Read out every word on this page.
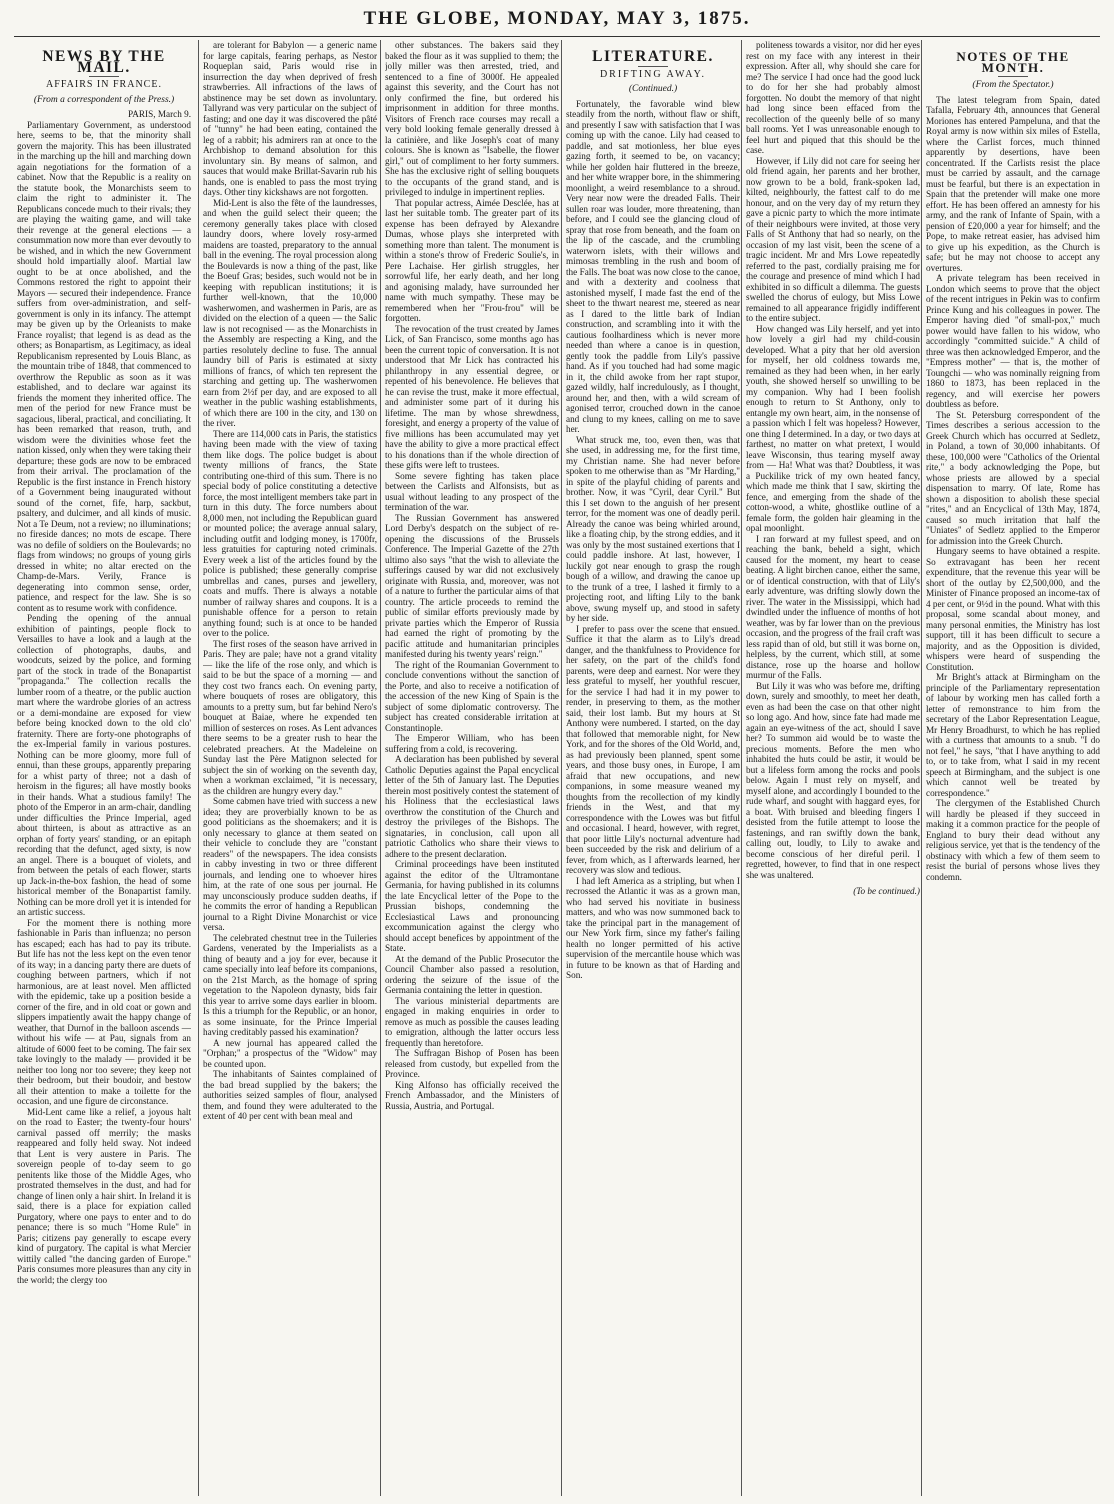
THE GLOBE, MONDAY, MAY 3, 1875.
NEWS BY THE MAIL.
AFFAIRS IN FRANCE.
(From a correspondent of the Press.)

PARIS, March 9.

Parliamentary Government, as understood here, seems to be, that the minority shall govern the majority. This has been illustrated in the marching up the hill and marching down again negotiations for the formation of a cabinet. Now that the Republic is a reality on the statute book, the Monarchists seem to claim the right to administer it. The Republicans concede much to their rivals; they are playing the waiting game, and will take their revenge at the general elections — a consummation now more than ever devoutly to be wished, and in which the new Government should hold impartially aloof. Martial law ought to be at once abolished, and the Commons restored the right to appoint their Mayors — secured their independence. France suffers from over-administration, and self-government is only in its infancy. The attempt may be given up by the Orleanists to make France royalist; that legend is as dead as the others; as Bonapartism, as Legitimacy, as ideal Republicanism represented by Louis Blanc, as the mountain tribe of 1848, that commenced to overthrow the Republic as soon as it was established, and to declare war against its friends the moment they inherited office. The men of the period for new France must be sagacious, liberal, practical, and conciliating. It has been remarked that reason, truth, and wisdom were the divinities whose feet the nation kissed, only when they were taking their departure; these gods are now to be embraced from their arrival. The proclamation of the Republic is the first instance in French history of a Government being inaugurated without sound of the cornet, fife, harp, sackbut, psaltery, and dulcimer, and all kinds of music. Not a Te Deum, not a review; no illuminations; no fireside dances; no mots de escape. There was no defile of soldiers on the Boulevards; no flags from windows; no groups of young girls dressed in white; no altar erected on the Champ-de-Mars. Verily, France is degenerating into common sense, order, patience, and respect for the law. She is so content as to resume work with confidence.

Pending the opening of the annual exhibition of paintings, people flock to Versailles to have a look and a laugh at the collection of photographs, daubs, and woodcuts, seized by the police, and forming part of the stock in trade of the Bonapartist "propaganda." The collection recalls the lumber room of a theatre, or the public auction mart where the wardrobe glories of an actress or a demi-mondaine are exposed for view before being knocked down to the old clo' fraternity. There are forty-one photographs of the ex-Imperial family in various postures. Nothing can be more gloomy, more full of ennui, than these groups, apparently preparing for a whist party of three; not a dash of heroism in the figures; all have mostly books in their hands. What a studious family! The photo of the Emperor in an arm-chair, dandling under difficulties the Prince Imperial, aged about thirteen, is about as attractive as an orphan of forty years' standing, or an epitaph recording that the defunct, aged sixty, is now an angel. There is a bouquet of violets, and from between the petals of each flower, starts up Jack-in-the-box fashion, the head of some historical member of the Bonapartist family. Nothing can be more droll yet it is intended for an artistic success.

For the moment there is nothing more fashionable in Paris than influenza; no person has escaped; each has had to pay its tribute. But life has not the less kept on the even tenor of its way; in a dancing party there are duets of coughing between partners, which if not harmonious, are at least novel. Men afflicted with the epidemic, take up a position beside a corner of the fire, and in old coat or gown and slippers impatiently await the happy change of weather, that Durnof in the balloon ascends — without his wife — at Pau, signals from an altitude of 6000 feet to be coming. The fair sex take lovingly to the malady — provided it be neither too long nor too severe; they keep not their bedroom, but their boudoir, and bestow all their attention to make a toilette for the occasion, and une figure de circonstance.

Mid-Lent came like a relief, a joyous halt on the road to Easter; the twenty-four hours' carnival passed off merrily; the masks reappeared and folly held sway. Not indeed that Lent is very austere in Paris. The sovereign people of to-day seem to go penitents like those of the Middle Ages, who prostrated themselves in the dust, and had for change of linen only a hair shirt. In Ireland it is said, there is a place for expiation called Purgatory, where one pays to enter and to do penance; there is so much "Home Rule" in Paris; citizens pay generally to escape every kind of purgatory. The capital is what Mercier wittily called "the dancing garden of Europe." Paris consumes more pleasures than any city in the world; the clergy too

are tolerant for Babylon — a generic name for large capitals, fearing perhaps, as Nestor Roqueplan said, Paris would rise in insurrection the day when deprived of fresh strawberries. All infractions of the laws of abstinence may be set down as involuntary. Tallyrand was very particular on the subject of fasting; and one day it was discovered the pâté of "tunny" he had been eating, contained the leg of a rabbit; his admirers ran at once to the Archbishop to demand absolution for this involuntary sin. By means of salmon, and sauces that would make Brillat-Savarin rub his hands, one is enabled to pass the most trying days. Other tiny kickshaws are not forgotten.

Mid-Lent is also the fête of the laundresses, and when the guild select their queen; the ceremony generally takes place with closed laundry doors, where lovely rosy-armed maidens are toasted, preparatory to the annual ball in the evening. The royal procession along the Boulevards is now a thing of the past, like the Boeuf Gras; besides, such would not be in keeping with republican institutions; it is further well-known, that the 10,000 washerwomen, and washermen in Paris, are as divided on the election of a queen — the Salic law is not recognised — as the Monarchists in the Assembly are respecting a King, and the parties resolutely decline to fuse. The annual laundry bill of Paris is estimated at sixty millions of francs, of which ten represent the starching and getting up. The washerwomen earn from 2½f per day, and are exposed to all weather in the public washing establishments, of which there are 100 in the city, and 130 on the river.

There are 114,000 cats in Paris, the statistics having been made with the view of taxing them like dogs. The police budget is about twenty millions of francs, the State contributing one-third of this sum. There is no special body of police constituting a detective force, the most intelligent members take part in turn in this duty. The force numbers about 8,000 men, not including the Republican guard or mounted police; the average annual salary, including outfit and lodging money, is 1700fr, less gratuities for capturing noted criminals. Every week a list of the articles found by the police is published; these generally comprise umbrellas and canes, purses and jewellery, coats and muffs. There is always a notable number of railway shares and coupons. It is a punishable offence for a person to retain anything found; such is at once to be handed over to the police.

The first roses of the season have arrived in Paris. They are pale; have not a grand vitality — like the life of the rose only, and which is said to be but the space of a morning — and they cost two francs each. On evening party, where bouquets of roses are obligatory, this amounts to a pretty sum, but far behind Nero's bouquet at Baiae, where he expended ten million of sesterces on roses. As Lent advances there seems to be a greater rush to hear the celebrated preachers. At the Madeleine on Sunday last the Père Matignon selected for subject the sin of working on the seventh day, when a workman exclaimed, "it is necessary, as the children are hungry every day."

Some cabmen have tried with success a new idea; they are proverbially known to be as good politicians as the shoemakers; and it is only necessary to glance at them seated on their vehicle to conclude they are "constant readers" of the newspapers. The idea consists in cabby investing in two or three different journals, and lending one to whoever hires him, at the rate of one sous per journal. He may unconsciously produce sudden deaths, if he commits the error of handing a Republican journal to a Right Divine Monarchist or vice versa.

The celebrated chestnut tree in the Tuileries Gardens, venerated by the Imperialists as a thing of beauty and a joy for ever, because it came specially into leaf before its companions, on the 21st March, as the homage of spring vegetation to the Napoleon dynasty, bids fair this year to arrive some days earlier in bloom. Is this a triumph for the Republic, or an honor, as some insinuate, for the Prince Imperial having creditably passed his examination?

A new journal has appeared called the "Orphan;" a prospectus of the "Widow" may be counted upon.

The inhabitants of Saintes complained of the bad bread supplied by the bakers; the authorities seized samples of flour, analysed them, and found they were adulterated to the extent of 40 per cent with bean meal and

other substances. The bakers said they baked the flour as it was supplied to them; the jolly miller was then arrested, tried, and sentenced to a fine of 3000f. He appealed against this severity, and the Court has not only confirmed the fine, but ordered his imprisonment in addition for three months. Visitors of French race courses may recall a very bold looking female generally dressed à la catinière, and like Joseph's coat of many colours. She is known as "Isabelle, the flower girl," out of compliment to her forty summers. She has the exclusive right of selling bouquets to the occupants of the grand stand, and is privileged to indulge in impertinent replies.

That popular actress, Aimée Desclée, has at last her suitable tomb. The greater part of its expense has been defrayed by Alexandre Dumas, whose plays she interpreted with something more than talent. The monument is within a stone's throw of Frederic Soulie's, in Pere Lachaise. Her girlish struggles, her sorrowful life, her early death, and her long and agonising malady, have surrounded her name with much sympathy. These may be remembered when her "Frou-frou" will be forgotten.

The revocation of the trust created by James Lick, of San Francisco, some months ago has been the current topic of conversation. It is not understood that Mr Lick has contracted his philanthropy in any essential degree, or repented of his benevolence. He believes that he can revise the trust, make it more effectual, and administer some part of it during his lifetime. The man by whose shrewdness, foresight, and energy a property of the value of five millions has been accumulated may yet have the ability to give a more practical effect to his donations than if the whole direction of these gifts were left to trustees.

Some severe fighting has taken place between the Carlists and Alfonsists, but as usual without leading to any prospect of the termination of the war.

The Russian Government has answered Lord Derby's despatch on the subject of re-opening the discussions of the Brussels Conference. The Imperial Gazette of the 27th ultimo also says "that the wish to alleviate the sufferings caused by war did not exclusively originate with Russia, and, moreover, was not of a nature to further the particular aims of that country. The article proceeds to remind the public of similar efforts previously made by private parties which the Emperor of Russia had earned the right of promoting by the pacific attitude and humanitarian principles manifested during his twenty years' reign."

The right of the Roumanian Government to conclude conventions without the sanction of the Porte, and also to receive a notification of the accession of the new King of Spain is the subject of some diplomatic controversy. The subject has created considerable irritation at Constantinople.

The Emperor William, who has been suffering from a cold, is recovering.

A declaration has been published by several Catholic Deputies against the Papal encyclical letter of the 5th of January last. The Deputies therein most positively contest the statement of his Holiness that the ecclesiastical laws overthrow the constitution of the Church and destroy the privileges of the Bishops. The signataries, in conclusion, call upon all patriotic Catholics who share their views to adhere to the present declaration.

Criminal proceedings have been instituted against the editor of the Ultramontane Germania, for having published in its columns the late Encyclical letter of the Pope to the Prussian bishops, condemning the Ecclesiastical Laws and pronouncing excommunication against the clergy who should accept benefices by appointment of the State.

At the demand of the Public Prosecutor the Council Chamber also passed a resolution, ordering the seizure of the issue of the Germania containing the letter in question.

The various ministerial departments are engaged in making enquiries in order to remove as much as possible the causes leading to emigration, although the latter occurs less frequently than heretofore.

The Suffragan Bishop of Posen has been released from custody, but expelled from the Province.

King Alfonso has officially received the French Ambassador, and the Ministers of Russia, Austria, and Portugal.

LITERATURE.
DRIFTING AWAY.
(Continued.)

Fortunately, the favorable wind blew steadily from the north, without flaw or shift, and presently I saw with satisfaction that I was coming up with the canoe. Lily had ceased to paddle, and sat motionless, her blue eyes gazing forth, it seemed to be, on vacancy; while her golden hair fluttered in the breeze, and her white wrapper bore, in the shimmering moonlight, a weird resemblance to a shroud. Very near now were the dreaded Falls. Their sullen roar was louder, more threatening, than before, and I could see the glancing cloud of spray that rose from beneath, and the foam on the lip of the cascade, and the crumbling waterworn islets, with their willows and mimosas trembling in the rush and boom of the Falls. The boat was now close to the canoe, and with a dexterity and coolness that astonished myself, I made fast the end of the sheet to the thwart nearest me, steered as near as I dared to the little bark of Indian construction, and scrambling into it with the cautious foolhardiness which is never more needed than where a canoe is in question, gently took the paddle from Lily's passive hand. As if you touched had had some magic in it, the child awoke from her rapt stupor, gazed wildly, half incredulously, as I thought, around her, and then, with a wild scream of agonised terror, crouched down in the canoe and clung to my knees, calling on me to save her.

What struck me, too, even then, was that she used, in addressing me, for the first time, my Christian name. She had never before spoken to me otherwise than as "Mr Harding," in spite of the playful chiding of parents and brother. Now, it was "Cyril, dear Cyril." But this I set down to the anguish of her present terror, for the moment was one of deadly peril. Already the canoe was being whirled around, like a floating chip, by the strong eddies, and it was only by the most sustained exertions that I could paddle inshore. At last, however, I luckily got near enough to grasp the rough bough of a willow, and drawing the canoe up to the trunk of a tree, I lashed it firmly to a projecting root, and lifting Lily to the bank above, swung myself up, and stood in safety by her side.

I prefer to pass over the scene that ensued. Suffice it that the alarm as to Lily's dread danger, and the thankfulness to Providence for her safety, on the part of the child's fond parents, were deep and earnest. Nor were they less grateful to myself, her youthful rescuer, for the service I had had it in my power to render, in preserving to them, as the mother said, their lost lamb. But my hours at St Anthony were numbered. I started, on the day that followed that memorable night, for New York, and for the shores of the Old World, and, as had previously been planned, spent some years, and those busy ones, in Europe, I am afraid that new occupations, and new companions, in some measure weaned my thoughts from the recollection of my kindly friends in the West, and that my correspondence with the Lowes was but fitful and occasional. I heard, however, with regret, that poor little Lily's nocturnal adventure had been succeeded by the risk and delirium of a fever, from which, as I afterwards learned, her recovery was slow and tedious.

I had left America as a stripling, but when I recrossed the Atlantic it was as a grown man, who had served his novitiate in business matters, and who was now summoned back to take the principal part in the management of our New York firm, since my father's failing health no longer permitted of his active supervision of the mercantile house which was in future to be known as that of Harding and Son.

politeness towards a visitor, nor did her eyes rest on my face with any interest in their expression. After all, why should she care for me? The service I had once had the good luck to do for her she had probably almost forgotten. No doubt the memory of that night had long since been effaced from the recollection of the queenly belle of so many ball rooms. Yet I was unreasonable enough to feel hurt and piqued that this should be the case.

However, if Lily did not care for seeing her old friend again, her parents and her brother, now grown to be a bold, frank-spoken lad, kilted, neighbourly, the fattest calf to do me honour, and on the very day of my return they gave a picnic party to which the more intimate of their neighbours were invited, at those very Falls of St Anthony that had so nearly, on the occasion of my last visit, been the scene of a tragic incident. Mr and Mrs Lowe repeatedly referred to the past, cordially praising me for the courage and presence of mind which I had exhibited in so difficult a dilemma. The guests swelled the chorus of eulogy, but Miss Lowe remained to all appearance frigidly indifferent to the entire subject.

How changed was Lily herself, and yet into how lovely a girl had my child-cousin developed. What a pity that her old aversion for myself, her old coldness towards me, remained as they had been when, in her early youth, she showed herself so unwilling to be my companion. Why had I been foolish enough to return to St Anthony, only to entangle my own heart, aim, in the nonsense of a passion which I felt was hopeless? However, one thing I determined. In a day, or two days at farthest, no matter on what pretext, I would leave Wisconsin, thus tearing myself away from — Ha! What was that? Doubtless, it was a Puckilike trick of my own heated fancy, which made me think that I saw, skirting the fence, and emerging from the shade of the cotton-wood, a white, ghostlike outline of a female form, the golden hair gleaming in the opal moonlight.

I ran forward at my fullest speed, and on reaching the bank, beheld a sight, which caused for the moment, my heart to cease beating. A light birchen canoe, either the same, or of identical construction, with that of Lily's early adventure, was drifting slowly down the river. The water in the Mississippi, which had dwindled under the influence of months of hot weather, was by far lower than on the previous occasion, and the progress of the frail craft was less rapid than of old, but still it was borne on, helpless, by the current, which still, at some distance, rose up the hoarse and hollow murmur of the Falls.

But Lily it was who was before me, drifting down, surely and smoothly, to meet her death, even as had been the case on that other night so long ago. And how, since fate had made me again an eye-witness of the act, should I save her? To summon aid would be to waste the precious moments. Before the men who inhabited the huts could be astir, it would be but a lifeless form among the rocks and pools below. Again I must rely on myself, and myself alone, and accordingly I bounded to the rude wharf, and sought with haggard eyes, for a boat. With bruised and bleeding fingers I desisted from the futile attempt to loose the fastenings, and ran swiftly down the bank, calling out, loudly, to Lily to awake and become conscious of her direful peril. I regretted, however, to find that in one respect she was unaltered.

(To be continued.)
NOTES OF THE MONTH.
(From the Spectator.)

The latest telegram from Spain, dated Tafalla, February 4th, announces that General Moriones has entered Pampeluna, and that the Royal army is now within six miles of Estella, where the Carlist forces, much thinned apparently by desertions, have been concentrated. If the Carlists resist the place must be carried by assault, and the carnage must be fearful, but there is an expectation in Spain that the pretender will make one more effort. He has been offered an amnesty for his army, and the rank of Infante of Spain, with a pension of £20,000 a year for himself; and the Pope, to make retreat easier, has advised him to give up his expedition, as the Church is safe; but he may not choose to accept any overtures.

A private telegram has been received in London which seems to prove that the object of the recent intrigues in Pekin was to confirm Prince Kung and his colleagues in power. The Emperor having died "of small-pox," much power would have fallen to his widow, who accordingly "committed suicide." A child of three was then acknowledged Emperor, and the "Empress mother" — that is, the mother of Toungchi — who was nominally reigning from 1860 to 1873, has been replaced in the regency, and will exercise her powers doubtless as before.

The St. Petersburg correspondent of the Times describes a serious accession to the Greek Church which has occurred at Sedletz, in Poland, a town of 30,000 inhabitants. Of these, 100,000 were "Catholics of the Oriental rite," a body acknowledging the Pope, but whose priests are allowed by a special dispensation to marry. Of late, Rome has shown a disposition to abolish these special "rites," and an Encyclical of 13th May, 1874, caused so much irritation that half the "Uniates" of Sedletz applied to the Emperor for admission into the Greek Church.

Hungary seems to have obtained a respite. So extravagant has been her recent expenditure, that the revenue this year will be short of the outlay by £2,500,000, and the Minister of Finance proposed an income-tax of 4 per cent, or 9½d in the pound. What with this proposal, some scandal about money, and many personal enmities, the Ministry has lost support, till it has been difficult to secure a majority, and as the Opposition is divided, whispers were heard of suspending the Constitution.

Mr Bright's attack at Birmingham on the principle of the Parliamentary representation of labour by working men has called forth a letter of remonstrance to him from the secretary of the Labor Representation League, Mr Henry Broadhurst, to which he has replied with a curtness that amounts to a snub. "I do not feel," he says, "that I have anything to add to, or to take from, what I said in my recent speech at Birmingham, and the subject is one which cannot well be treated by correspondence."

The clergymen of the Established Church will hardly be pleased if they succeed in making it a common practice for the people of England to bury their dead without any religious service, yet that is the tendency of the obstinacy with which a few of them seem to resist the burial of persons whose lives they condemn.
